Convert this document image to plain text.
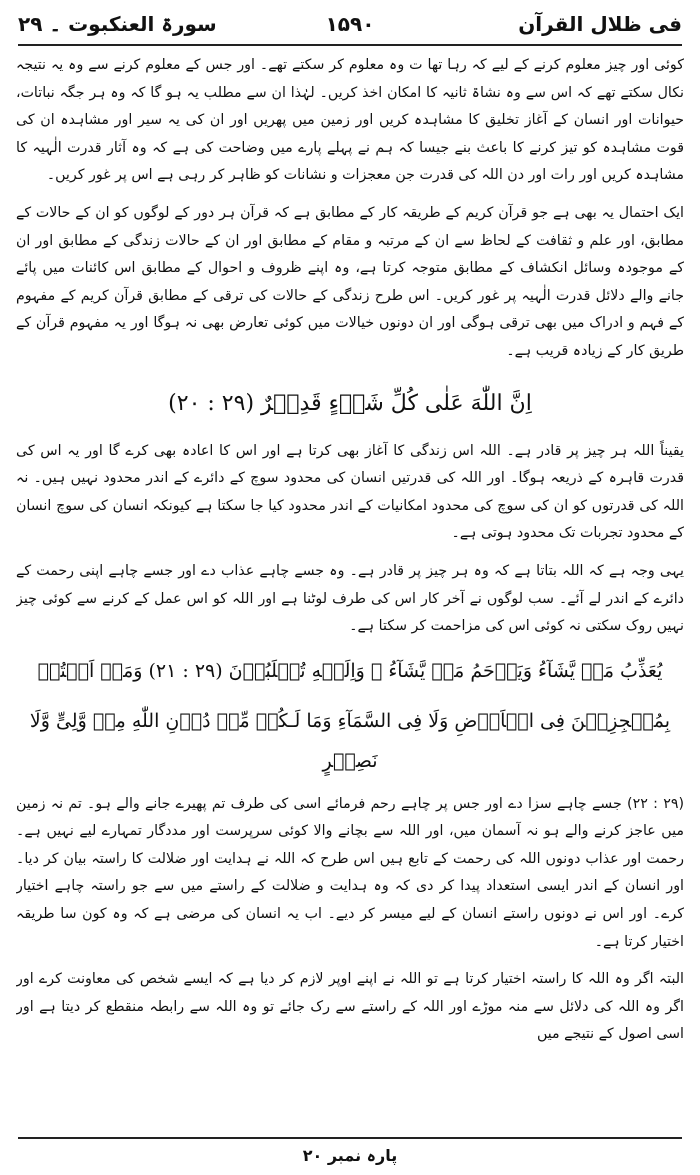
فی ظلال القرآن
۱۵۹۰
سورۃ العنکبوت ۔ ۲۹

کوئی اور چیز معلوم کرنے کے لیے کہ رہا تھا ت وہ معلوم کر سکتے تھے۔ اور جس کے معلوم کرنے سے وہ یہ نتیجہ نکال سکتے تھے کہ اس سے وہ نشاۃ ثانیہ کا امکان اخذ کریں۔ لہٰذا ان سے مطلب یہ ہو گا کہ وہ ہر جگہ نباتات، حیوانات اور انسان کے آغاز تخلیق کا مشاہدہ کریں اور زمین میں پھریں اور ان کی یہ سیر اور مشاہدہ ان کی قوت مشاہدہ کو تیز کرنے کا باعث بنے جیسا کہ ہم نے پہلے پارے میں وضاحت کی ہے کہ وہ آثار قدرت الٰہیہ کا مشاہدہ کریں اور رات اور دن اللہ کی قدرت جن معجزات و نشانات کو ظاہر کر رہی ہے اس پر غور کریں۔

ایک احتمال یہ بھی ہے جو قرآن کریم کے طریقہ کار کے مطابق ہے کہ قرآن ہر دور کے لوگوں کو ان کے حالات کے مطابق، اور علم و ثقافت کے لحاظ سے ان کے مرتبہ و مقام کے مطابق اور ان کے حالات زندگی کے مطابق اور ان کے موجودہ وسائل انکشاف کے مطابق متوجہ کرتا ہے، وہ اپنے ظروف و احوال کے مطابق اس کائنات میں پائے جانے والے دلائل قدرت الٰہیہ پر غور کریں۔ اس طرح زندگی کے حالات کی ترقی کے مطابق قرآن کریم کے مفہوم کے فہم و ادراک میں بھی ترقی ہوگی اور ان دونوں خیالات میں کوئی تعارض بھی نہ ہوگا اور یہ مفہوم قرآن کے طریق کار کے زیادہ قریب ہے۔

اِنَّ اللّٰهَ عَلٰى كُلِّ شَىۡءٍ قَدِيۡرٌ (۲۹ : ۲۰)

یقیناً اللہ ہر چیز پر قادر ہے۔ اللہ اس زندگی کا آغاز بھی کرتا ہے اور اس کا اعادہ بھی کرے گا اور یہ اس کی قدرت قاہرہ کے ذریعہ ہوگا۔ اور اللہ کی قدرتیں انسان کی محدود سوچ کے دائرے کے اندر محدود نہیں ہیں۔ نہ اللہ کی قدرتوں کو ان کی سوچ کی محدود امکانیات کے اندر محدود کیا جا سکتا ہے کیونکہ انسان کی سوچ انسان کے محدود تجربات تک محدود ہوتی ہے۔

یہی وجہ ہے کہ اللہ بتاتا ہے کہ وہ ہر چیز پر قادر ہے۔ وہ جسے چاہے عذاب دے اور جسے چاہے اپنی رحمت کے دائرے کے اندر لے آئے۔ سب لوگوں نے آخر کار اس کی طرف لوٹنا ہے اور اللہ کو اس عمل کے کرنے سے کوئی چیز نہیں روک سکتی نہ کوئی اس کی مزاحمت کر سکتا ہے۔

يُعَذِّبُ مَنۡ يَّشَآءُ وَيَرۡحَمُ مَنۡ يَّشَآءُ‌ ۚ وَاِلَيۡهِ تُقۡلَبُوۡنَ (۲۹ : ۲۱) وَمَاۤ اَنۡتُمۡ

بِمُعۡجِزِيۡنَ فِى الۡاَرۡضِ وَلَا فِى السَّمَآءِ‌ وَمَا لَـكُمۡ مِّنۡ دُوۡنِ اللّٰهِ مِنۡ وَّلِىٍّ وَّلَا نَصِيۡرٍ

(۲۹ : ۲۲) جسے چاہے سزا دے اور جس پر چاہے رحم فرمائے اسی کی طرف تم پھیرے جانے والے ہو۔ تم نہ زمین میں عاجز کرنے والے ہو نہ آسمان میں، اور اللہ سے بچانے والا کوئی سرپرست اور مددگار تمہارے لیے نہیں ہے۔ رحمت اور عذاب دونوں اللہ کی رحمت کے تابع ہیں اس طرح کہ اللہ نے ہدایت اور ضلالت کا راستہ بیان کر دیا۔ اور انسان کے اندر ایسی استعداد پیدا کر دی کہ وہ ہدایت و ضلالت کے راستے میں سے جو راستہ چاہے اختیار کرے۔ اور اس نے دونوں راستے انسان کے لیے میسر کر دیے۔ اب یہ انسان کی مرضی ہے کہ وہ کون سا طریقہ اختیار کرتا ہے۔

البتہ اگر وہ اللہ کا راستہ اختیار کرتا ہے تو اللہ نے اپنے اوپر لازم کر دیا ہے کہ ایسے شخص کی معاونت کرے اور اگر وہ اللہ کی دلائل سے منہ موڑے اور اللہ کے راستے سے رک جائے تو وہ اللہ سے رابطہ منقطع کر دیتا ہے اور اسی اصول کے نتیجے میں

پارہ نمبر ۲۰
